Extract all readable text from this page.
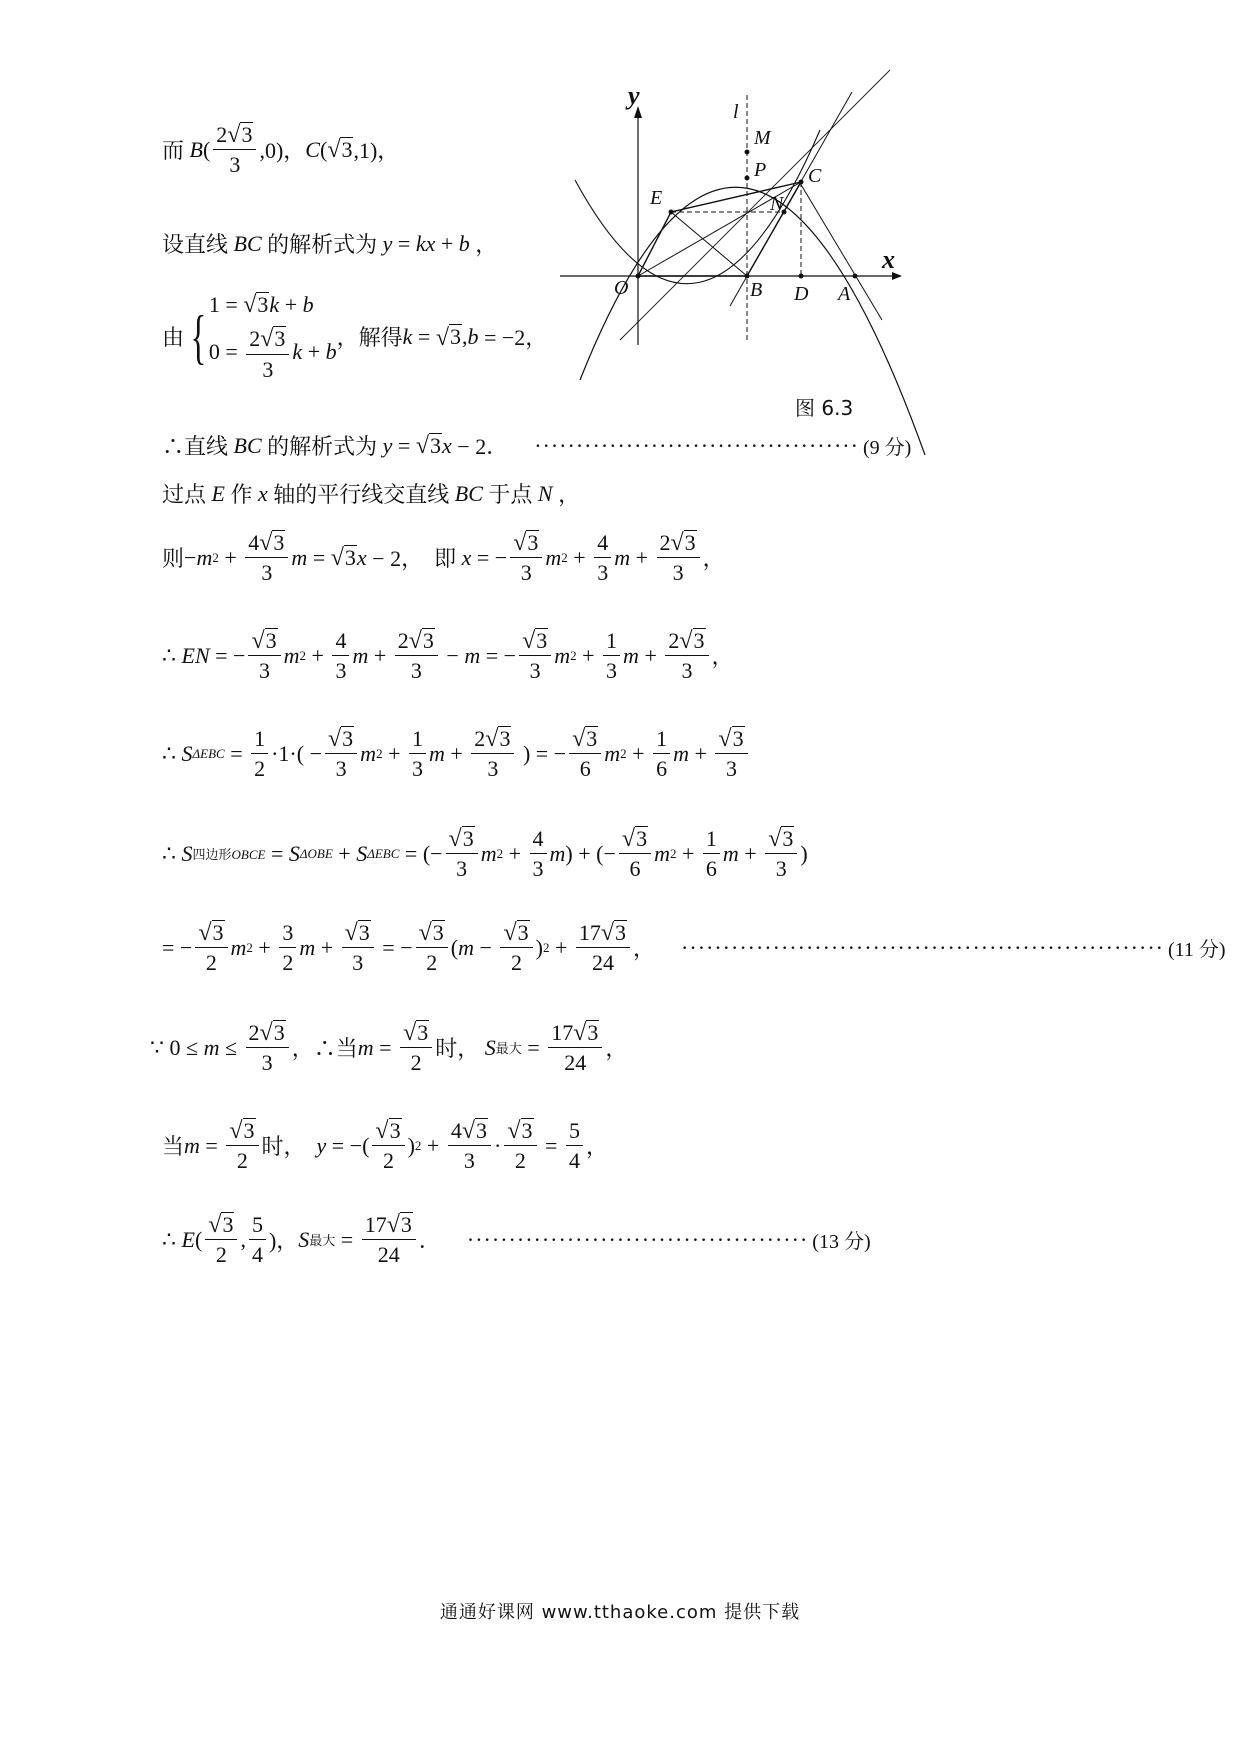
x
y
O	B D A
C
E	N
M
P
l
图 6.3
而 B ( $\frac{2 √ 3}{3} ,0$)， C ( √ 3 ,1)，
设直线 BC 的解析式为 y = kx + b ，
由 { 1 = √ 3 k + b
$0 = \frac{2 √ 3}{3}$ k + b
，解得 k = √ 3 , b = −2，
∴直线 BC 的解析式为 y = √ 3 x − 2． ······································· (9 分)
过点 E 作 x 轴的平行线交直线 BC 于点 N ，
则 − m $2 + \frac{4 √ 3}{3}$ m = √ 3 x − 2， 即 x = − $\frac{√ 3}{3}$ m $2 + \frac{4}{3}$ $m + \frac{2 √ 3}{3}$ ，
∴ EN = − $\frac{√ 3}{3}$ m $2 + \frac{4}{3}$ $m + \frac{2 √ 3}{3} - m$ = − $\frac{√ 3}{3}$ m $2 + \frac{1}{3}$ $m + \frac{2 √ 3}{3}$ ，
∴ S $\Delta EBC = \frac{1}{2} \cdot 1\cdot( - \frac{√ 3}{3}$ m $2 + \frac{1}{3}$ $m + \frac{2 √ 3}{3}$ ) = − $\frac{√ 3}{6}$ m $2 + \frac{1}{6}$ $m + \frac{√ 3}{3}$
∴ S 四边形OBCE = S ΔOBE + S ΔEBC = (− $\frac{√ 3}{3}$ m $2 + \frac{4}{3}$ m ) + (− $\frac{√ 3}{6}$ m $2 + \frac{1}{6}$ $m + \frac{√ 3}{3}$ )
= − $\frac{√ 3}{2}$ m $2 + \frac{3}{2}$ $m + \frac{√ 3}{3}$ = − $\frac{√ 3}{2}$ ( $m - \frac{√ 3}{2}$ ) $2 + \frac{17 √ 3}{24}$ ， ·························································· (11 分)
∵ $0 \le m \le \frac{2 √ 3}{3}$ ， ∴当 $m = \frac{√ 3}{2}$ 时，
S 最大 = $\frac{17 √ 3}{24}$ ，
当 $m = \frac{√ 3}{2}$ 时，
y = −( $\frac{√ 3}{2}$ ) $2 + \frac{4 √ 3}{3} \cdot \frac{√ 3}{2} = \frac{5}{4}$ ，
∴ E ( $\frac{√ 3}{2}$ , $\frac{5}{4}$ )， S 最大 = $\frac{17 √ 3}{24}$ ． ········································· (13 分)
通通好课网 www.tthaoke.com 提供下载
